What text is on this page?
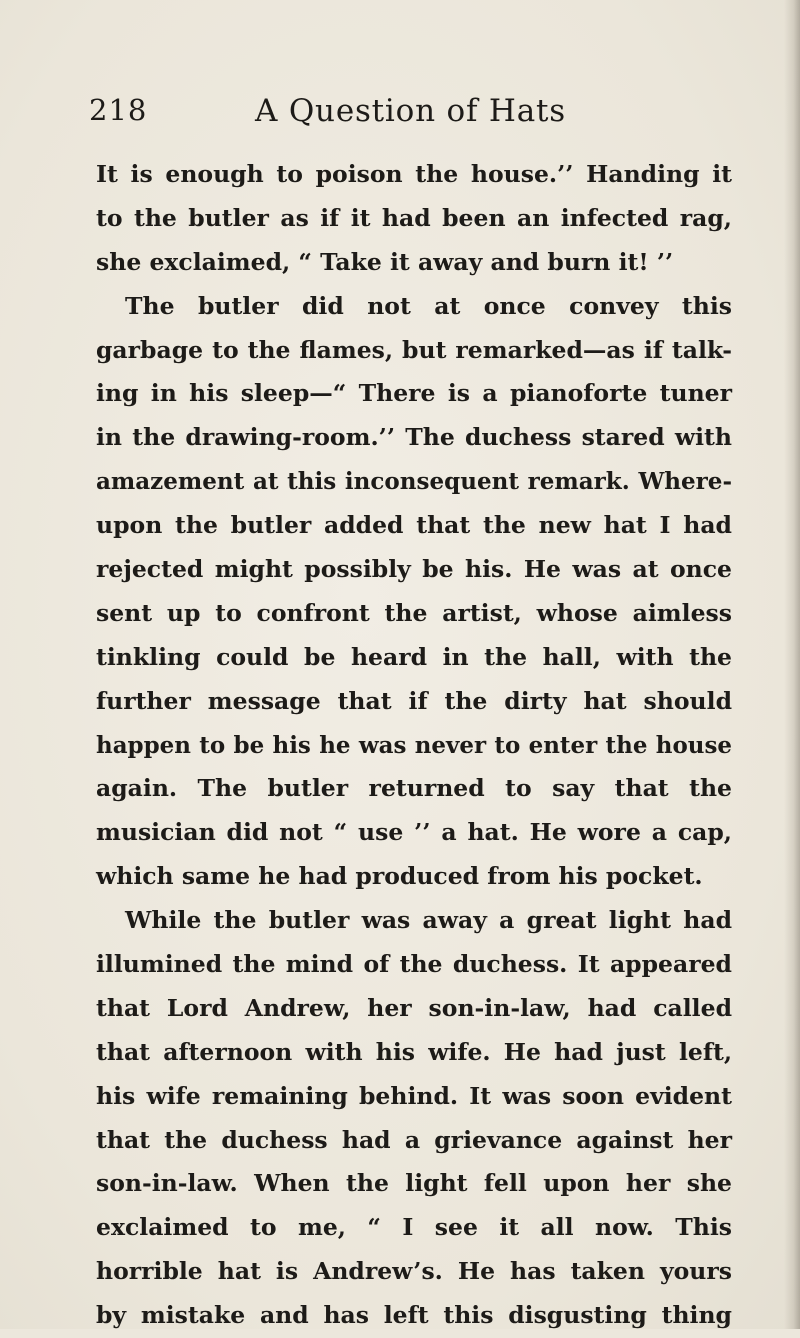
218	A Question of Hats
It is enough to poison the house.’’ Handing it
to the butler as if it had been an infected rag,
she exclaimed, “ Take it away and burn it! ’’
The butler did not at once convey this
garbage to the flames, but remarked—as if talk-
ing in his sleep—“ There is a pianoforte tuner
in the drawing-room.’’ The duchess stared with
amazement at this inconsequent remark. Where-
upon the butler added that the new hat I had
rejected might possibly be his. He was at once
sent up to confront the artist, whose aimless
tinkling could be heard in the hall, with the
further message that if the dirty hat should
happen to be his he was never to enter the house
again. The butler returned to say that the
musician did not “ use ’’ a hat. He wore a cap,
which same he had produced from his pocket.
While the butler was away a great light had
illumined the mind of the duchess. It appeared
that Lord Andrew, her son-in-law, had called
that afternoon with his wife. He had just left,
his wife remaining behind. It was soon evident
that the duchess had a grievance against her
son-in-law. When the light fell upon her she
exclaimed to me, “ I see it all now. This
horrible hat is Andrew’s. He has taken yours
by mistake and has left this disgusting thing
